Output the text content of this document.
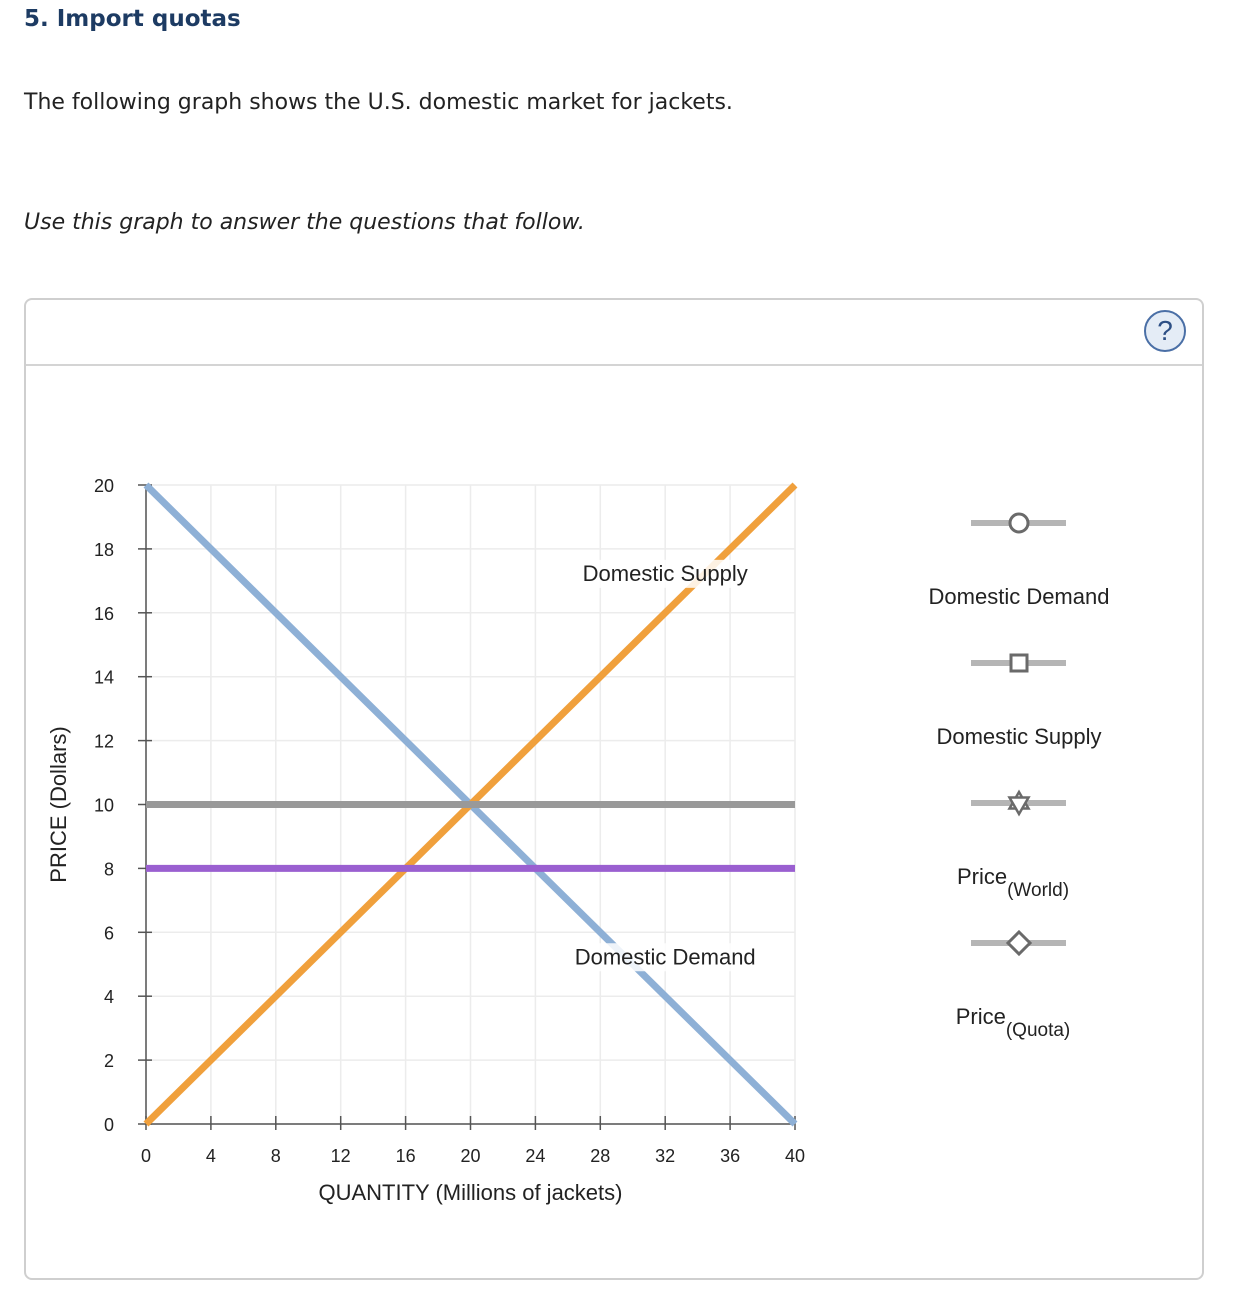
5. Import quotas

The following graph shows the U.S. domestic market for jackets.

Use this graph to answer the questions that follow.

?
0	4	8	12 16 20 24 28 32 36 40
0
2
4
6
8
10
12
14
16
18
20
Domestic Supply
Domestic Demand
QUANTITY (Millions of jackets)
PRICE (Dollars)
Domestic Demand
Domestic Supply
Price(World)
Price(Quota)
